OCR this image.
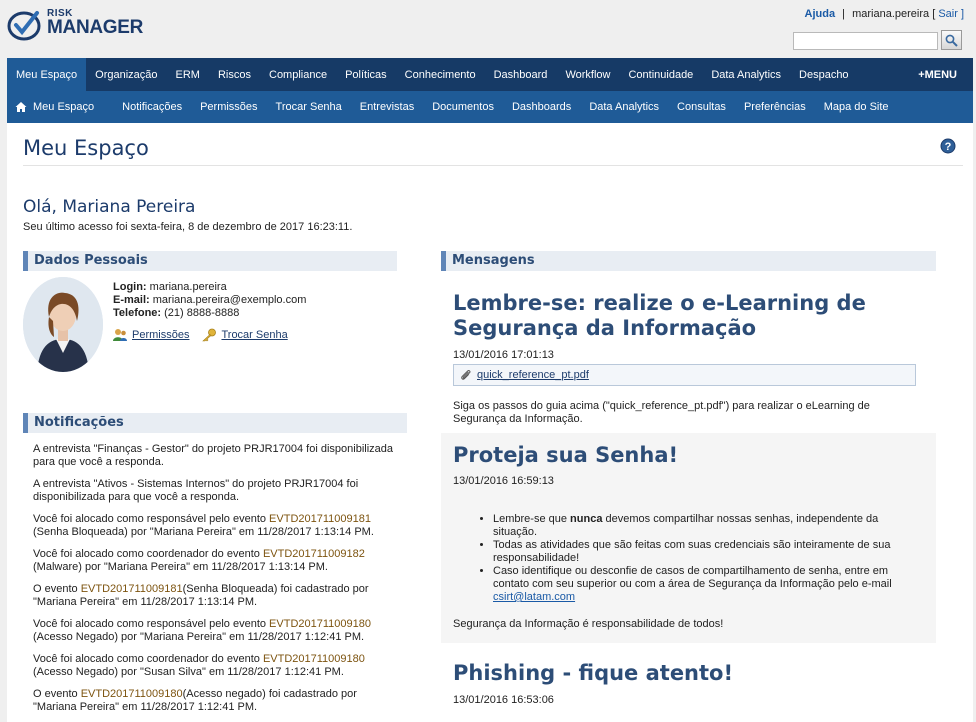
RISK
MANAGER
Ajuda | mariana.pereira [ Sair ]
Meu Espaço	Organização	ERM	Riscos	Compliance	Políticas	Conhecimento	Dashboard	Workflow	Continuidade	Data Analytics	Despacho	+MENU
Meu Espaço	Notificações	Permissões	Trocar Senha	Entrevistas	Documentos	Dashboards	Data Analytics	Consultas	Preferências	Mapa do Site
Meu Espaço	?
Olá, Mariana Pereira
Seu último acesso foi sexta-feira, 8 de dezembro de 2017 16:23:11.
Dados Pessoais
Login: mariana.pereira
E-mail: mariana.pereira@exemplo.com
Telefone: (21) 8888-8888
Permissões	Trocar Senha
Notificações
A entrevista "Finanças - Gestor" do projeto PRJR17004 foi disponibilizada para que você a responda.
A entrevista "Ativos - Sistemas Internos" do projeto PRJR17004 foi disponibilizada para que você a responda.
Você foi alocado como responsável pelo evento EVTD201711009181 (Senha Bloqueada) por "Mariana Pereira" em 11/28/2017 1:13:14 PM.
Você foi alocado como coordenador do evento EVTD201711009182 (Malware) por "Mariana Pereira" em 11/28/2017 1:13:14 PM.
O evento EVTD201711009181(Senha Bloqueada) foi cadastrado por "Mariana Pereira" em 11/28/2017 1:13:14 PM.
Você foi alocado como responsável pelo evento EVTD201711009180 (Acesso Negado) por "Mariana Pereira" em 11/28/2017 1:12:41 PM.
Você foi alocado como coordenador do evento EVTD201711009180 (Acesso Negado) por "Susan Silva" em 11/28/2017 1:12:41 PM.
O evento EVTD201711009180(Acesso negado) foi cadastrado por "Mariana Pereira" em 11/28/2017 1:12:41 PM.
Mensagens
Lembre-se: realize o e-Learning de Segurança da Informação
13/01/2016 17:01:13
quick_reference_pt.pdf
Siga os passos do guia acima ("quick_reference_pt.pdf") para realizar o eLearning de Segurança da Informação.
Proteja sua Senha!
13/01/2016 16:59:13
• Lembre-se que nunca devemos compartilhar nossas senhas, independente da situação.
• Todas as atividades que são feitas com suas credenciais são inteiramente de sua responsabilidade!
• Caso identifique ou desconfie de casos de compartilhamento de senha, entre em contato com seu superior ou com a área de Segurança da Informação pelo e-mail csirt@latam.com
Segurança da Informação é responsabilidade de todos!
Phishing - fique atento!
13/01/2016 16:53:06
